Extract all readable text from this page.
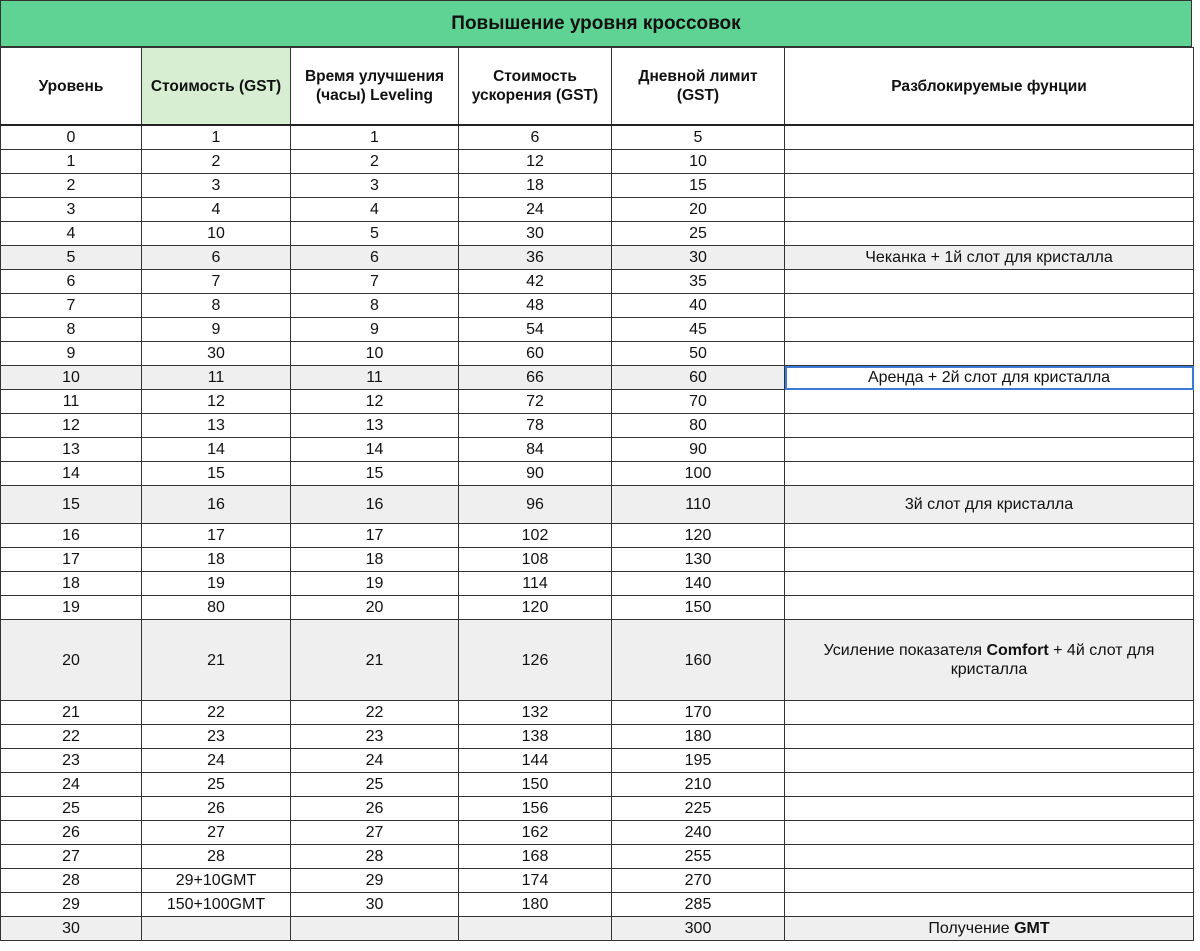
Повышение уровня кроссовок
Уровень	Стоимость (GST)	Время улучшения (часы) Leveling	Стоимость ускорения (GST)	Дневной лимит (GST)	Разблокируемые фунции
0	1	1	6	5	
1	2	2	12	10	
2	3	3	18	15	
3	4	4	24	20	
4	10	5	30	25	
5	6	6	36	30	Чеканка + 1й слот для кристалла
6	7	7	42	35	
7	8	8	48	40	
8	9	9	54	45	
9	30	10	60	50	
10	11	11	66	60	Аренда + 2й слот для кристалла
11	12	12	72	70	
12	13	13	78	80	
13	14	14	84	90	
14	15	15	90	100	
15	16	16	96	110	3й слот для кристалла
16	17	17	102	120	
17	18	18	108	130	
18	19	19	114	140	
19	80	20	120	150	
20	21	21	126	160	Усиление показателя Comfort + 4й слот для кристалла
21	22	22	132	170	
22	23	23	138	180	
23	24	24	144	195	
24	25	25	150	210	
25	26	26	156	225	
26	27	27	162	240	
27	28	28	168	255	
28	29+10GMT	29	174	270	
29	150+100GMT	30	180	285	
30				300	Получение GMT
